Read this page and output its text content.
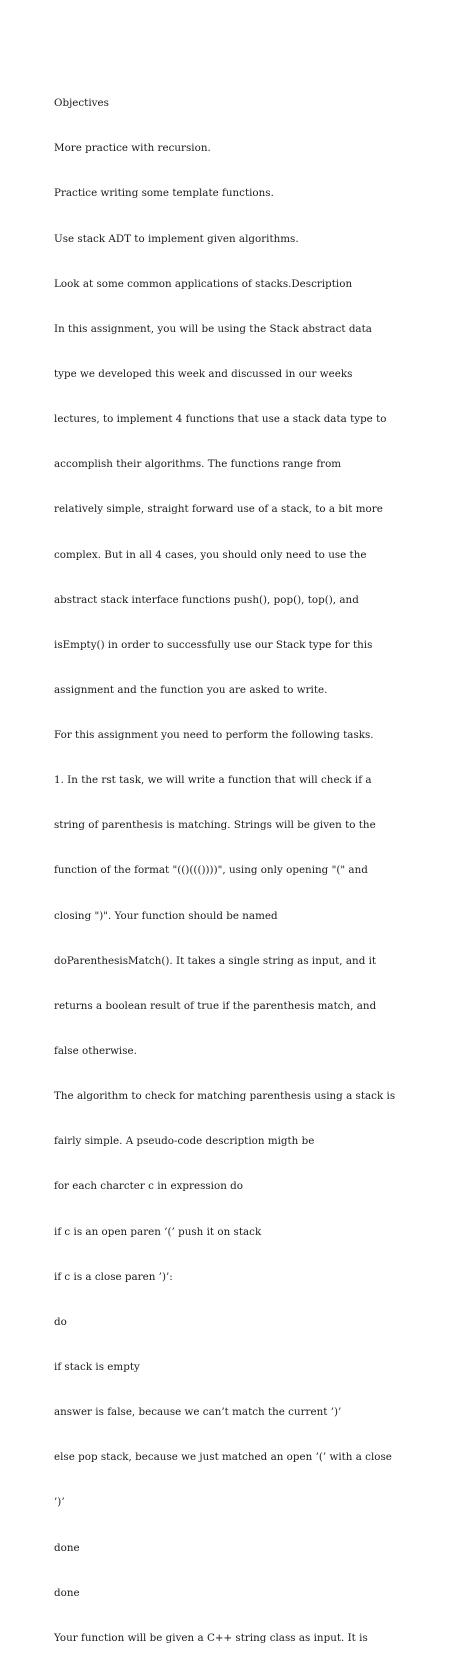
Objectives

More practice with recursion.

Practice writing some template functions.

Use stack ADT to implement given algorithms.

Look at some common applications of stacks.Description

In this assignment, you will be using the Stack abstract data

type we developed this week and discussed in our weeks

lectures, to implement 4 functions that use a stack data type to

accomplish their algorithms. The functions range from

relatively simple, straight forward use of a stack, to a bit more

complex. But in all 4 cases, you should only need to use the

abstract stack interface functions push(), pop(), top(), and

isEmpty() in order to successfully use our Stack type for this

assignment and the function you are asked to write.

For this assignment you need to perform the following tasks.

1. In the rst task, we will write a function that will check if a

string of parenthesis is matching. Strings will be given to the

function of the format "(()((())))", using only opening "(" and

closing ")". Your function should be named

doParenthesisMatch(). It takes a single string as input, and it

returns a boolean result of true if the parenthesis match, and

false otherwise.

The algorithm to check for matching parenthesis using a stack is

fairly simple. A pseudo-code description migth be

for each charcter c in expression do

if c is an open paren ’(’ push it on stack

if c is a close paren ’)’:

do

if stack is empty

answer is false, because we can’t match the current ’)’

else pop stack, because we just matched an open ’(’ with a close

’)’

done

done

Your function will be given a C++ string class as input. It is
